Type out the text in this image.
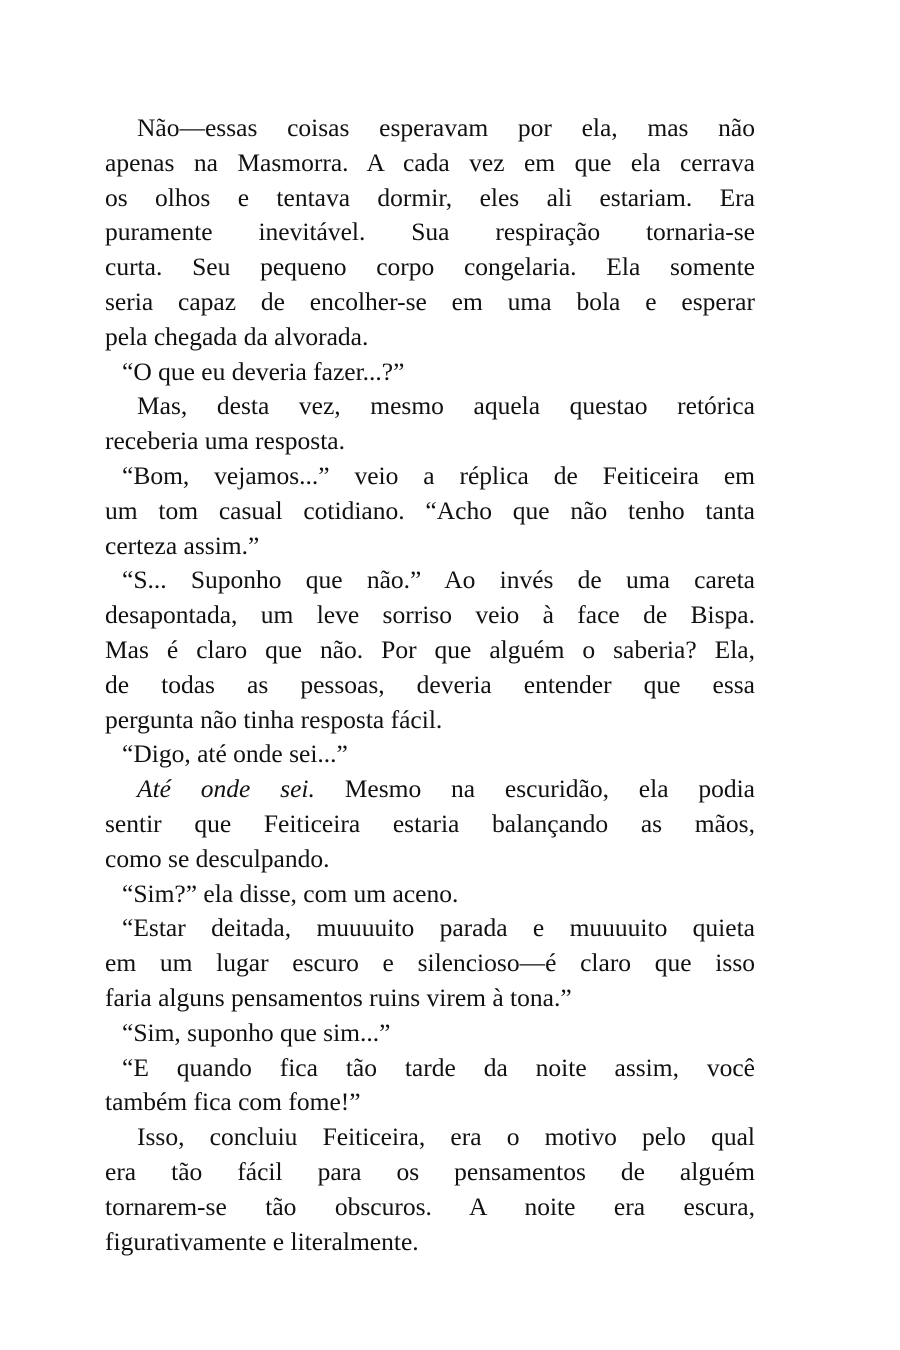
Não—essas coisas esperavam por ela, mas não
apenas na Masmorra. A cada vez em que ela cerrava
os olhos e tentava dormir, eles ali estariam. Era
puramente inevitável. Sua respiração tornaria-se
curta. Seu pequeno corpo congelaria. Ela somente
seria capaz de encolher-se em uma bola e esperar
pela chegada da alvorada.

“O que eu deveria fazer...?”

Mas, desta vez, mesmo aquela questao retórica
receberia uma resposta.

“Bom, vejamos...” veio a réplica de Feiticeira em
um tom casual cotidiano. “Acho que não tenho tanta
certeza assim.”

“S... Suponho que não.” Ao invés de uma careta
desapontada, um leve sorriso veio à face de Bispa.
Mas é claro que não. Por que alguém o saberia? Ela,
de todas as pessoas, deveria entender que essa
pergunta não tinha resposta fácil.

“Digo, até onde sei...”

Até onde sei. Mesmo na escuridão, ela podia
sentir que Feiticeira estaria balançando as mãos,
como se desculpando.

“Sim?” ela disse, com um aceno.

“Estar deitada, muuuuito parada e muuuuito quieta
em um lugar escuro e silencioso—é claro que isso
faria alguns pensamentos ruins virem à tona.”

“Sim, suponho que sim...”

“E quando fica tão tarde da noite assim, você
também fica com fome!”

Isso, concluiu Feiticeira, era o motivo pelo qual
era tão fácil para os pensamentos de alguém
tornarem-se tão obscuros. A noite era escura,
figurativamente e literalmente.
